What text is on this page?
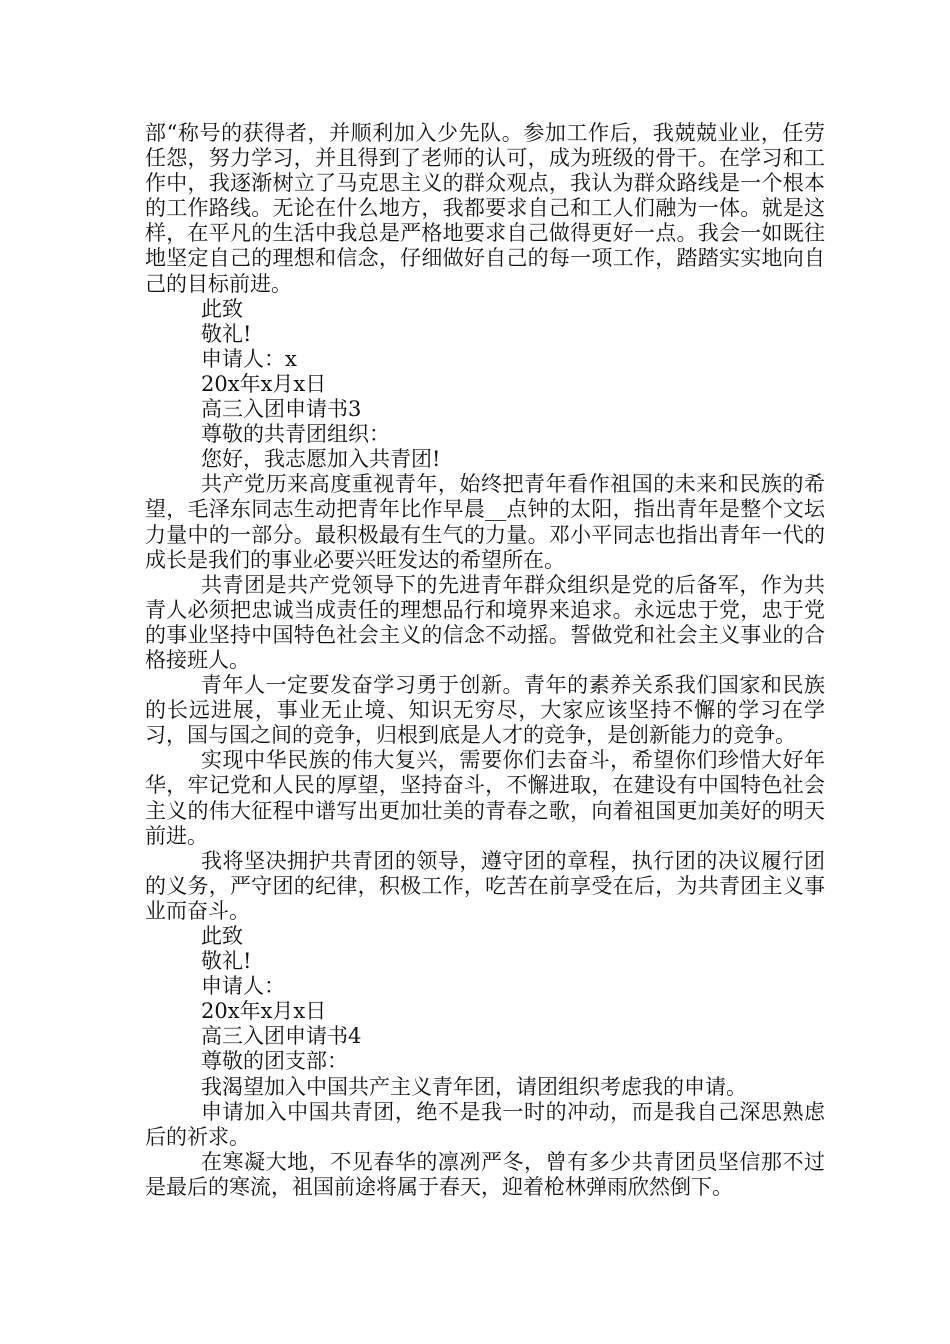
部“称号的获得者，并顺利加入少先队。参加工作后，我兢兢业业，任劳任怨，努力学习，并且得到了老师的认可，成为班级的骨干。在学习和工作中，我逐渐树立了马克思主义的群众观点，我认为群众路线是一个根本的工作路线。无论在什么地方，我都要求自己和工人们融为一体。就是这样，在平凡的生活中我总是严格地要求自己做得更好一点。我会一如既往地坚定自己的理想和信念，仔细做好自己的每一项工作，踏踏实实地向自己的目标前进。

此致

敬礼!

申请人：x

20x年x月x日

高三入团申请书3

尊敬的共青团组织：

您好，我志愿加入共青团!

共产党历来高度重视青年，始终把青年看作祖国的未来和民族的希望，毛泽东同志生动把青年比作早晨__点钟的太阳，指出青年是整个文坛力量中的一部分。最积极最有生气的力量。邓小平同志也指出青年一代的成长是我们的事业必要兴旺发达的希望所在。

共青团是共产党领导下的先进青年群众组织是党的后备军，作为共青人必须把忠诚当成责任的理想品行和境界来追求。永远忠于党，忠于党的事业坚持中国特色社会主义的信念不动摇。誓做党和社会主义事业的合格接班人。

青年人一定要发奋学习勇于创新。青年的素养关系我们国家和民族的长远进展，事业无止境、知识无穷尽，大家应该坚持不懈的学习在学习，国与国之间的竞争，归根到底是人才的竞争，是创新能力的竞争。

实现中华民族的伟大复兴，需要你们去奋斗，希望你们珍惜大好年华，牢记党和人民的厚望，坚持奋斗，不懈进取，在建设有中国特色社会主义的伟大征程中谱写出更加壮美的青春之歌，向着祖国更加美好的明天前进。

我将坚决拥护共青团的领导，遵守团的章程，执行团的决议履行团的义务，严守团的纪律，积极工作，吃苦在前享受在后，为共青团主义事业而奋斗。

此致

敬礼!

申请人：

20x年x月x日

高三入团申请书4

尊敬的团支部：

我渴望加入中国共产主义青年团，请团组织考虑我的申请。

申请加入中国共青团，绝不是我一时的冲动，而是我自己深思熟虑后的祈求。

在寒凝大地，不见春华的凛冽严冬，曾有多少共青团员坚信那不过是最后的寒流，祖国前途将属于春天，迎着枪林弹雨欣然倒下。
